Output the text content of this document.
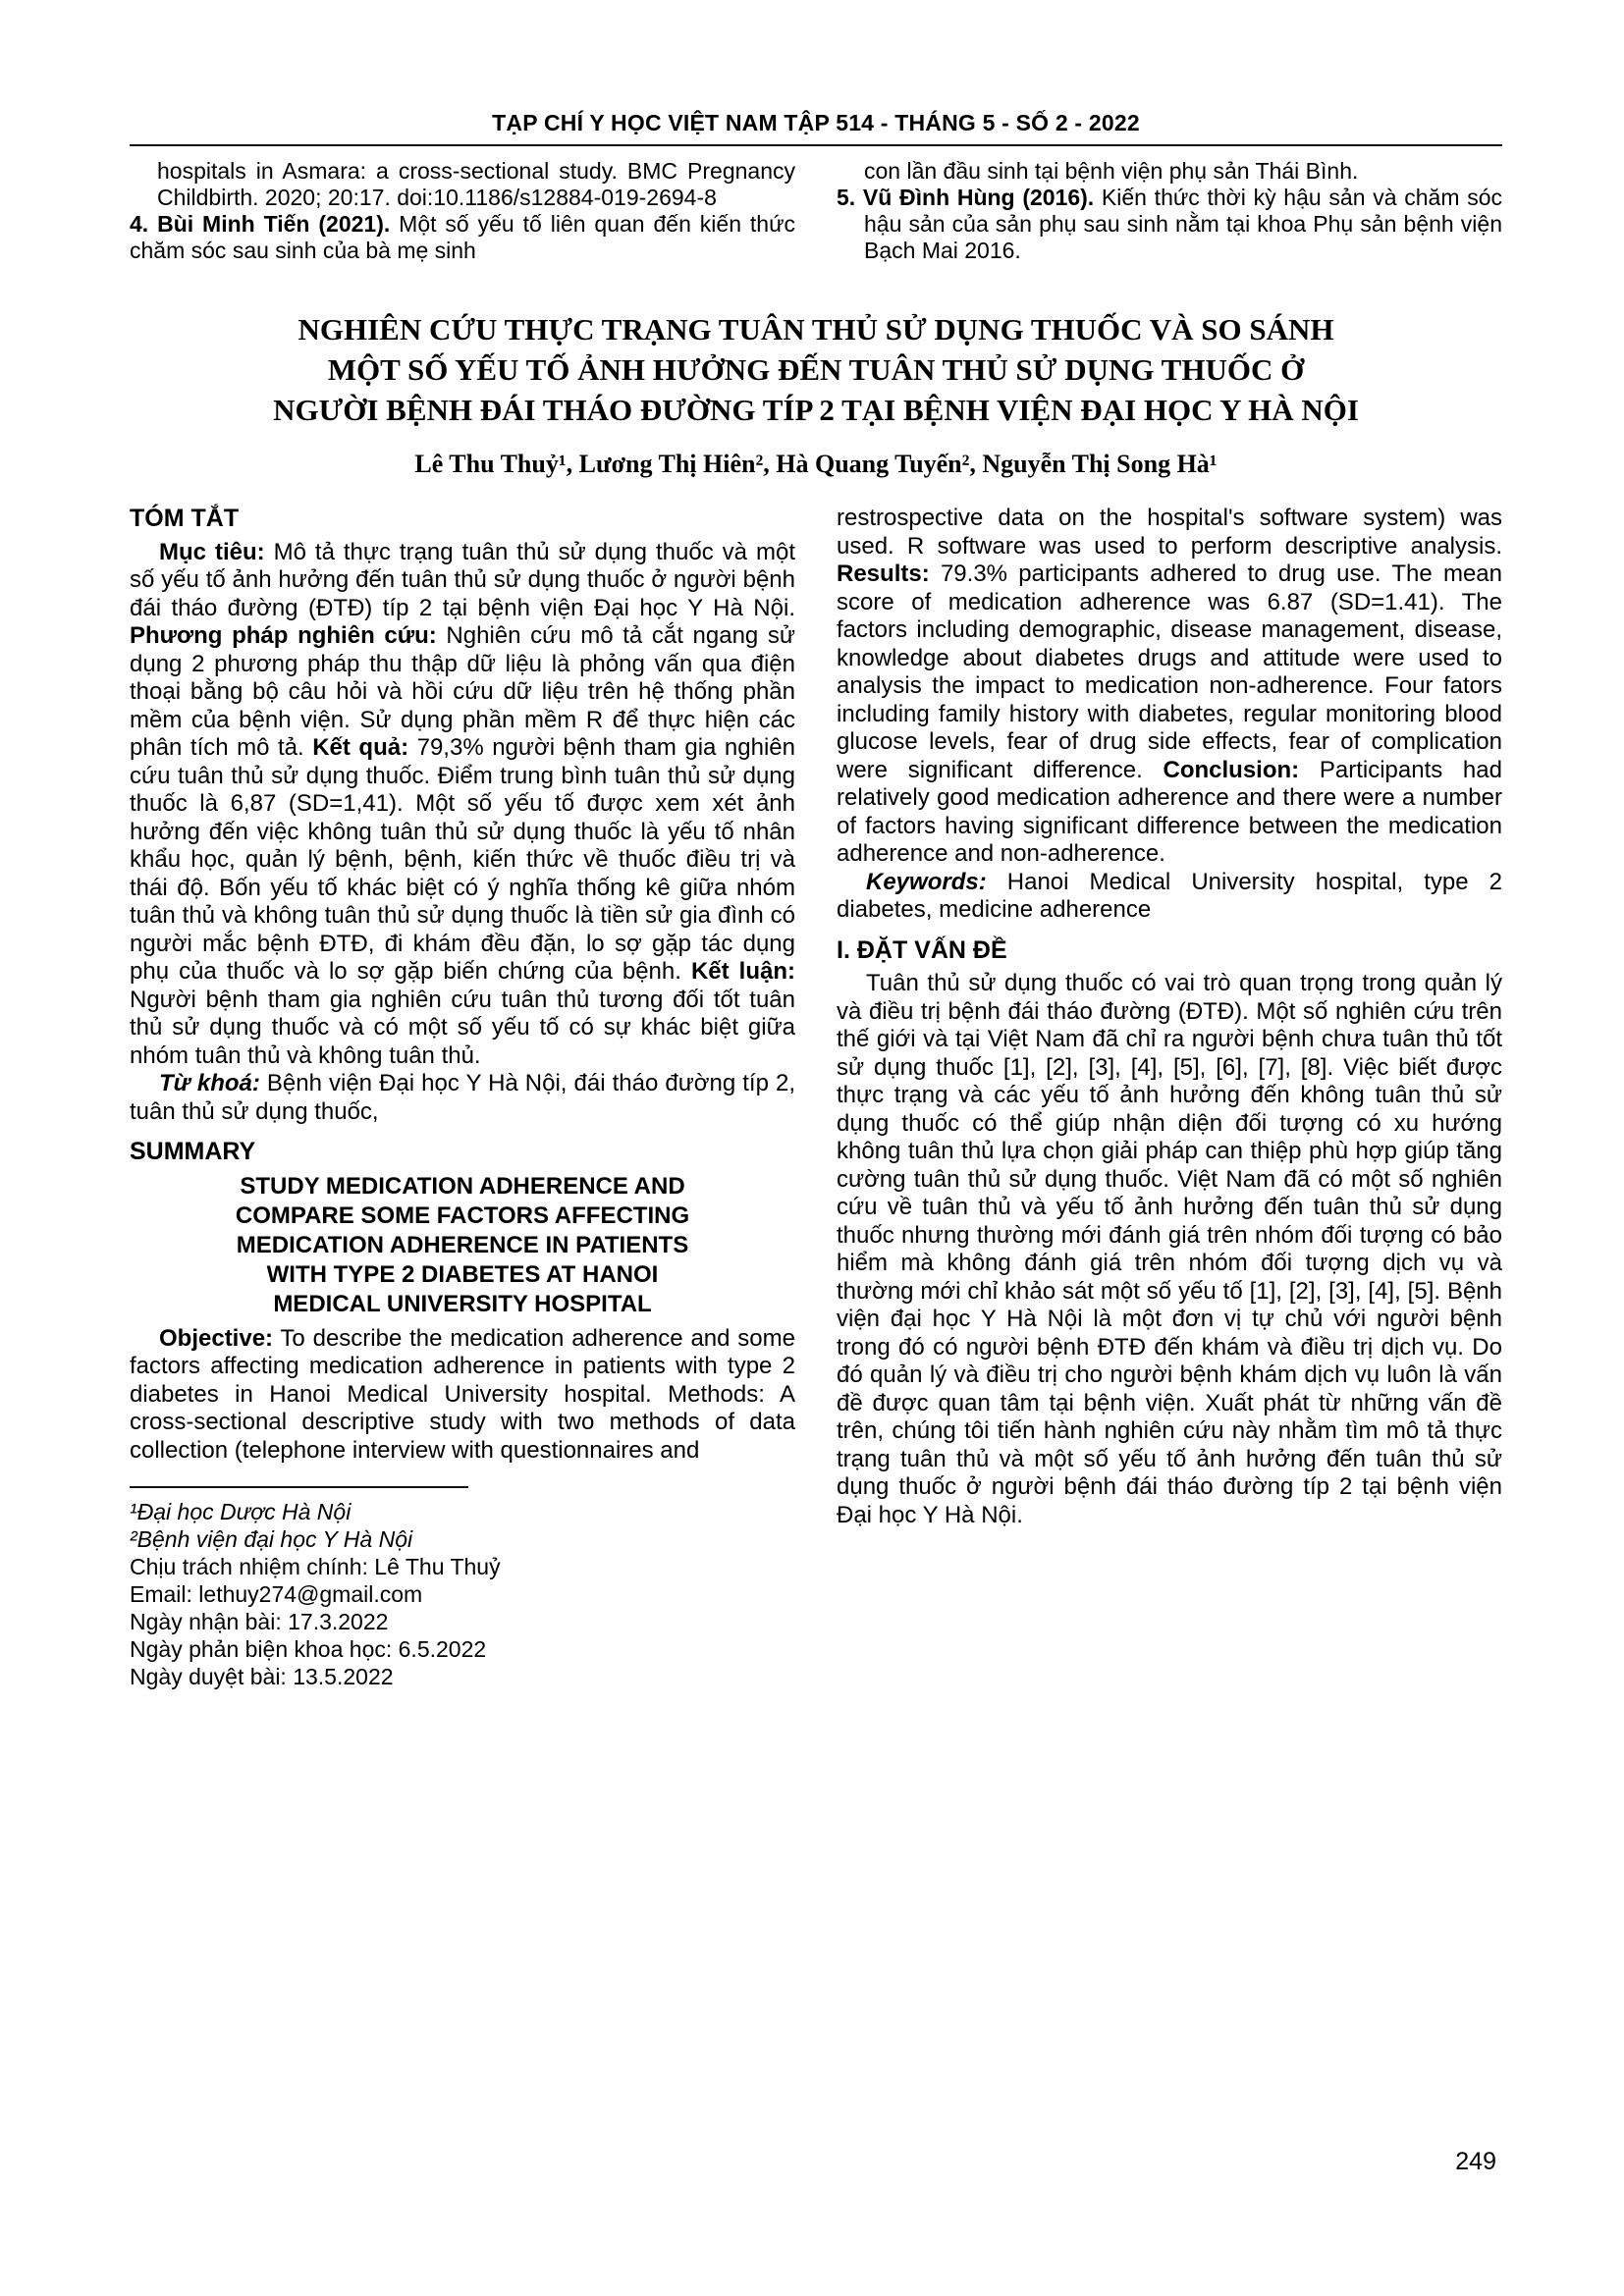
TẠP CHÍ Y HỌC VIỆT NAM TẬP 514 - THÁNG 5 - SỐ 2 - 2022

hospitals in Asmara: a cross-sectional study. BMC Pregnancy Childbirth. 2020; 20:17. doi:10.1186/s12884-019-2694-8

4. Bùi Minh Tiến (2021). Một số yếu tố liên quan đến kiến thức chăm sóc sau sinh của bà mẹ sinh

con lần đầu sinh tại bệnh viện phụ sản Thái Bình.

5. Vũ Đình Hùng (2016). Kiến thức thời kỳ hậu sản và chăm sóc hậu sản của sản phụ sau sinh nằm tại khoa Phụ sản bệnh viện Bạch Mai 2016.

NGHIÊN CỨU THỰC TRẠNG TUÂN THỦ SỬ DỤNG THUỐC VÀ SO SÁNH
MỘT SỐ YẾU TỐ ẢNH HƯỞNG ĐẾN TUÂN THỦ SỬ DỤNG THUỐC Ở
NGƯỜI BỆNH ĐÁI THÁO ĐƯỜNG TÍP 2 TẠI BỆNH VIỆN ĐẠI HỌC Y HÀ NỘI
Lê Thu Thuỷ¹, Lương Thị Hiên², Hà Quang Tuyến², Nguyễn Thị Song Hà¹
TÓM TẮT

Mục tiêu: Mô tả thực trạng tuân thủ sử dụng thuốc và một số yếu tố ảnh hưởng đến tuân thủ sử dụng thuốc ở người bệnh đái tháo đường (ĐTĐ) típ 2 tại bệnh viện Đại học Y Hà Nội. Phương pháp nghiên cứu: Nghiên cứu mô tả cắt ngang sử dụng 2 phương pháp thu thập dữ liệu là phỏng vấn qua điện thoại bằng bộ câu hỏi và hồi cứu dữ liệu trên hệ thống phần mềm của bệnh viện. Sử dụng phần mềm R để thực hiện các phân tích mô tả. Kết quả: 79,3% người bệnh tham gia nghiên cứu tuân thủ sử dụng thuốc. Điểm trung bình tuân thủ sử dụng thuốc là 6,87 (SD=1,41). Một số yếu tố được xem xét ảnh hưởng đến việc không tuân thủ sử dụng thuốc là yếu tố nhân khẩu học, quản lý bệnh, bệnh, kiến thức về thuốc điều trị và thái độ. Bốn yếu tố khác biệt có ý nghĩa thống kê giữa nhóm tuân thủ và không tuân thủ sử dụng thuốc là tiền sử gia đình có người mắc bệnh ĐTĐ, đi khám đều đặn, lo sợ gặp tác dụng phụ của thuốc và lo sợ gặp biến chứng của bệnh. Kết luận: Người bệnh tham gia nghiên cứu tuân thủ tương đối tốt tuân thủ sử dụng thuốc và có một số yếu tố có sự khác biệt giữa nhóm tuân thủ và không tuân thủ.

Từ khoá: Bệnh viện Đại học Y Hà Nội, đái tháo đường típ 2, tuân thủ sử dụng thuốc,

SUMMARY
STUDY MEDICATION ADHERENCE AND
COMPARE SOME FACTORS AFFECTING
MEDICATION ADHERENCE IN PATIENTS
WITH TYPE 2 DIABETES AT HANOI
MEDICAL UNIVERSITY HOSPITAL

Objective: To describe the medication adherence and some factors affecting medication adherence in patients with type 2 diabetes in Hanoi Medical University hospital. Methods: A cross-sectional descriptive study with two methods of data collection (telephone interview with questionnaires and

¹Đại học Dược Hà Nội

²Bệnh viện đại học Y Hà Nội

Chịu trách nhiệm chính: Lê Thu Thuỷ

Email: lethuy274@gmail.com

Ngày nhận bài: 17.3.2022

Ngày phản biện khoa học: 6.5.2022

Ngày duyệt bài: 13.5.2022

restrospective data on the hospital's software system) was used. R software was used to perform descriptive analysis. Results: 79.3% participants adhered to drug use. The mean score of medication adherence was 6.87 (SD=1.41). The factors including demographic, disease management, disease, knowledge about diabetes drugs and attitude were used to analysis the impact to medication non-adherence. Four fators including family history with diabetes, regular monitoring blood glucose levels, fear of drug side effects, fear of complication were significant difference. Conclusion: Participants had relatively good medication adherence and there were a number of factors having significant difference between the medication adherence and non-adherence.

Keywords: Hanoi Medical University hospital, type 2 diabetes, medicine adherence

I. ĐẶT VẤN ĐỀ

Tuân thủ sử dụng thuốc có vai trò quan trọng trong quản lý và điều trị bệnh đái tháo đường (ĐTĐ). Một số nghiên cứu trên thế giới và tại Việt Nam đã chỉ ra người bệnh chưa tuân thủ tốt sử dụng thuốc [1], [2], [3], [4], [5], [6], [7], [8]. Việc biết được thực trạng và các yếu tố ảnh hưởng đến không tuân thủ sử dụng thuốc có thể giúp nhận diện đối tượng có xu hướng không tuân thủ lựa chọn giải pháp can thiệp phù hợp giúp tăng cường tuân thủ sử dụng thuốc. Việt Nam đã có một số nghiên cứu về tuân thủ và yếu tố ảnh hưởng đến tuân thủ sử dụng thuốc nhưng thường mới đánh giá trên nhóm đối tượng có bảo hiểm mà không đánh giá trên nhóm đối tượng dịch vụ và thường mới chỉ khảo sát một số yếu tố [1], [2], [3], [4], [5]. Bệnh viện đại học Y Hà Nội là một đơn vị tự chủ với người bệnh trong đó có người bệnh ĐTĐ đến khám và điều trị dịch vụ. Do đó quản lý và điều trị cho người bệnh khám dịch vụ luôn là vấn đề được quan tâm tại bệnh viện. Xuất phát từ những vấn đề trên, chúng tôi tiến hành nghiên cứu này nhằm tìm mô tả thực trạng tuân thủ và một số yếu tố ảnh hưởng đến tuân thủ sử dụng thuốc ở người bệnh đái tháo đường típ 2 tại bệnh viện Đại học Y Hà Nội.

249
